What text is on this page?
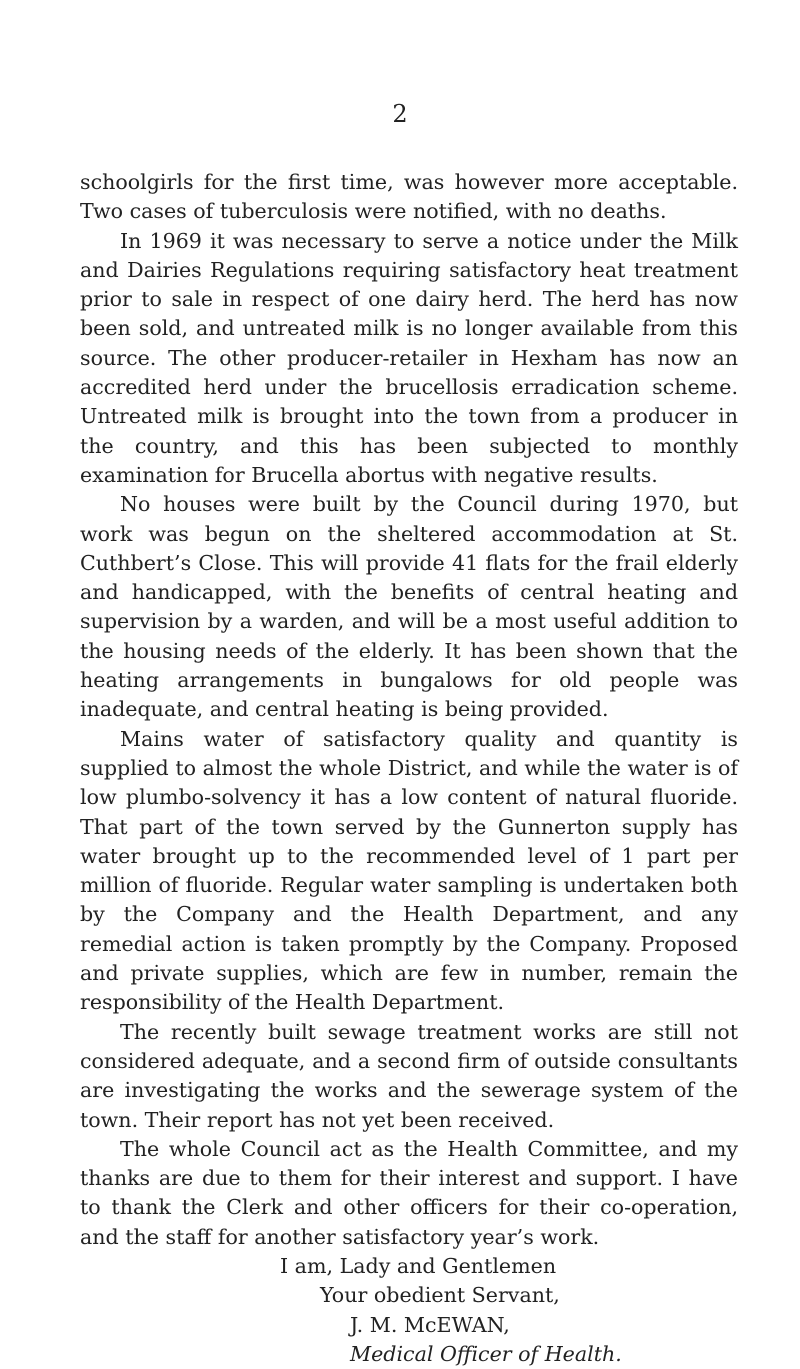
2

schoolgirls for the first time, was however more acceptable. Two cases of tuberculosis were notified, with no deaths.

In 1969 it was necessary to serve a notice under the Milk and Dairies Regulations requiring satisfactory heat treatment prior to sale in respect of one dairy herd. The herd has now been sold, and untreated milk is no longer available from this source. The other producer-retailer in Hexham has now an accredited herd under the brucellosis erradication scheme. Untreated milk is brought into the town from a producer in the country, and this has been subjected to monthly examination for Brucella abortus with negative results.

No houses were built by the Council during 1970, but work was begun on the sheltered accommodation at St. Cuthbert’s Close. This will provide 41 flats for the frail elderly and handicapped, with the benefits of central heating and supervision by a warden, and will be a most useful addition to the housing needs of the elderly. It has been shown that the heating arrangements in bungalows for old people was inadequate, and central heating is being provided.

Mains water of satisfactory quality and quantity is supplied to almost the whole District, and while the water is of low plumbo-solvency it has a low content of natural fluoride. That part of the town served by the Gunnerton supply has water brought up to the recommended level of 1 part per million of fluoride. Regular water sampling is undertaken both by the Company and the Health Department, and any remedial action is taken promptly by the Company. Proposed and private supplies, which are few in number, remain the responsibility of the Health Department.

The recently built sewage treatment works are still not considered adequate, and a second firm of outside consultants are investigating the works and the sewerage system of the town. Their report has not yet been received.

The whole Council act as the Health Committee, and my thanks are due to them for their interest and support. I have to thank the Clerk and other officers for their co-operation, and the staff for another satisfactory year’s work.

I am, Lady and Gentlemen

Your obedient Servant,

J. M. McEWAN,

Medical Officer of Health.
